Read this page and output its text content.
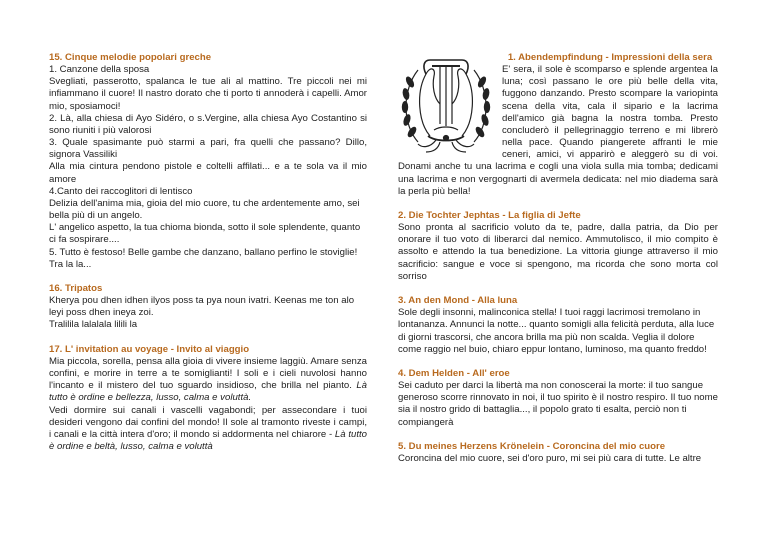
15. Cinque melodie popolari greche
1. Canzone della sposa
Svegliati, passerotto, spalanca le tue ali al mattino. Tre piccoli nei mi infiammano il cuore! Il nastro dorato che ti porto ti annoderà i capelli. Amor mio, sposiamoci!
2. Là, alla chiesa di Ayo Sidéro, o s.Vergine, alla chiesa Ayo Costantino si sono riuniti i più valorosi
3. Quale spasimante può starmi a pari, fra quelli che passano? Dillo, signora Vassiliki
Alla mia cintura pendono pistole e coltelli affilati... e a te sola va il mio amore
4.Canto dei raccoglitori di lentisco
Delizia dell'anima mia, gioia del mio cuore, tu che ardentemente amo, sei bella più di un angelo.
L' angelico aspetto, la tua chioma bionda, sotto il sole splendente, quanto ci fa sospirare....
5. Tutto è festoso! Belle gambe che danzano, ballano perfino le stoviglie! Tra la la...
16. Tripatos
Kherya pou dhen idhen ilyos poss ta pya noun ivatri. Keenas me ton alo
leyi poss dhen ineya zoi.
Tralilila lalalala lilili la
17. L' invitation au voyage - Invito al viaggio
Mia piccola, sorella, pensa alla gioia di vivere insieme laggiù. Amare senza confini, e morire in terre a te somiglianti! I soli e i cieli nuvolosi hanno l'incanto e il mistero del tuo sguardo insidioso, che brilla nel pianto. Là tutto è ordine e bellezza, lusso, calma e voluttà.
Vedi dormire sui canali i vascelli vagabondi; per assecondare i tuoi desideri vengono dai confini del mondo! Il sole al tramonto riveste i campi, i canali e la città intera d'oro; il mondo si addormenta nel chiarore - Là tutto è ordine e beltà, lusso, calma e voluttà
1. Abendempfindung - Impressioni della sera
E' sera, il sole è scomparso e splende argentea la luna; così passano le ore più belle della vita, fuggono danzando. Presto scompare la variopinta scena della vita, cala il sipario e la lacrima dell'amico già bagna la nostra tomba. Presto concluderò il pellegrinaggio terreno e mi librerò nella pace. Quando piangerete affranti le mie ceneri, amici, vi apparirò e aleggerò su di voi. Donami anche tu una lacrima e cogli una viola sulla mia tomba; dedicami una lacrima e non vergognarti di avermela dedicata: nel mio diadema sarà la perla più bella!
2. Die Tochter Jephtas - La figlia di Jefte
Sono pronta al sacrificio voluto da te, padre, dalla patria, da Dio per onorare il tuo voto di liberarci dal nemico. Ammutolisco, il mio compito è assolto e attendo la tua benedizione. La vittoria giunge attraverso il mio sacrificio: sangue e voce si spengono, ma ricorda che sono morta col sorriso
3. An den Mond - Alla luna
Sole degli insonni, malinconica stella! I tuoi raggi lacrimosi tremolano in lontananza. Annunci la notte... quanto somigli alla felicità perduta, alla luce di giorni trascorsi, che ancora brilla ma più non scalda. Veglia il dolore come raggio nel buio, chiaro eppur lontano, luminoso, ma quanto freddo!
4. Dem Helden - All' eroe
Sei caduto per darci la libertà ma non conoscerai la morte: il tuo sangue generoso scorre rinnovato in noi, il tuo spirito è il nostro respiro. Il tuo nome sia il nostro grido di battaglia..., il popolo grato ti esalta, perciò non ti compiangerà
5. Du meines Herzens Krönelein - Coroncina del mio cuore
Coroncina del mio cuore, sei d'oro puro, mi sei più cara di tutte. Le altre
